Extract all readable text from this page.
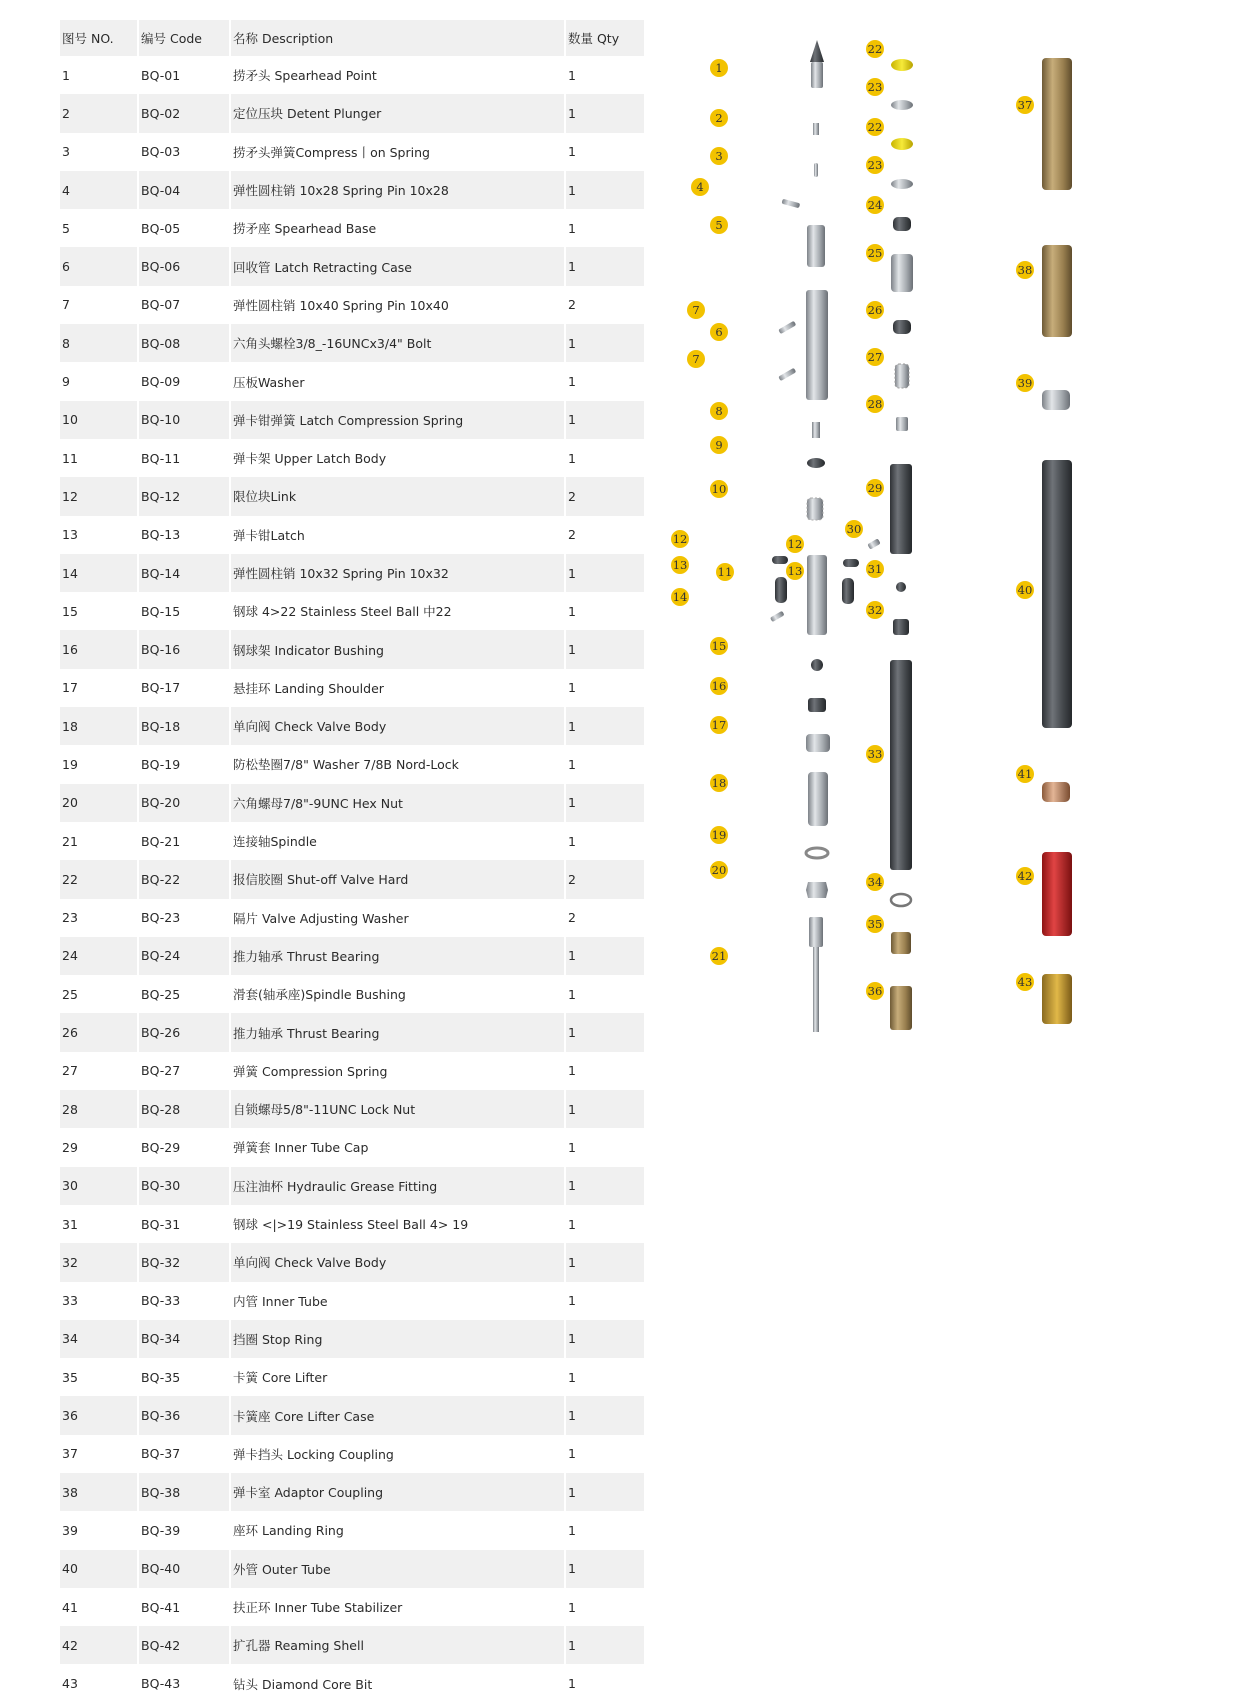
图号 NO.	编号 Code	名称 Description	数量 Qty
1	BQ-01	捞矛头 Spearhead Point	1
2	BQ-02	定位压块 Detent Plunger	1
3	BQ-03	捞矛头弹簧Compress丨on Spring	1
4	BQ-04	弹性圆柱销 10x28 Spring Pin 10x28	1
5	BQ-05	捞矛座 Spearhead Base	1
6	BQ-06	回收管 Latch Retracting Case	1
7	BQ-07	弹性圆柱销 10x40 Spring Pin 10x40	2
8	BQ-08	六角头螺栓3/8_-16UNCx3/4" Bolt	1
9	BQ-09	压板Washer	1
10	BQ-10	弹卡钳弹簧 Latch Compression Spring	1
11	BQ-11	弹卡架 Upper Latch Body	1
12	BQ-12	限位块Link	2
13	BQ-13	弹卡钳Latch	2
14	BQ-14	弹性圆柱销 10x32 Spring Pin 10x32	1
15	BQ-15	钢球 4>22 Stainless Steel Ball 中22	1
16	BQ-16	钢球架 Indicator Bushing	1
17	BQ-17	悬挂环 Landing Shoulder	1
18	BQ-18	单向阀 Check Valve Body	1
19	BQ-19	防松垫圈7/8" Washer 7/8B Nord-Lock	1
20	BQ-20	六角螺母7/8"-9UNC Hex Nut	1
21	BQ-21	连接轴Spindle	1
22	BQ-22	报信胶圈 Shut-off Valve Hard	2
23	BQ-23	隔片 Valve Adjusting Washer	2
24	BQ-24	推力轴承 Thrust Bearing	1
25	BQ-25	滑套(轴承座)Spindle Bushing	1
26	BQ-26	推力轴承 Thrust Bearing	1
27	BQ-27	弹簧 Compression Spring	1
28	BQ-28	自锁螺母5/8"-11UNC Lock Nut	1
29	BQ-29	弹簧套 Inner Tube Cap	1
30	BQ-30	压注油杯 Hydraulic Grease Fitting	1
31	BQ-31	钢球 <|>19 Stainless Steel Ball 4> 19	1
32	BQ-32	单向阀 Check Valve Body	1
33	BQ-33	内管 Inner Tube	1
34	BQ-34	挡圈 Stop Ring	1
35	BQ-35	卡簧 Core Lifter	1
36	BQ-36	卡簧座 Core Lifter Case	1
37	BQ-37	弹卡挡头 Locking Coupling	1
38	BQ-38	弹卡室 Adaptor Coupling	1
39	BQ-39	座环 Landing Ring	1
40	BQ-40	外管 Outer Tube	1
41	BQ-41	扶正环 Inner Tube Stabilizer	1
42	BQ-42	扩孔器 Reaming Shell	1
43	BQ-43	钻头 Diamond Core Bit	1
1
2
3
4
5
6
7
7
8
9
10
11
12	12
13	13
14
15
16
17
18
19
20
21
22
22
23
23
24
25
26
27
28
29
30
31
32
33
34
35
36
37
38
39
40
41
42
43
